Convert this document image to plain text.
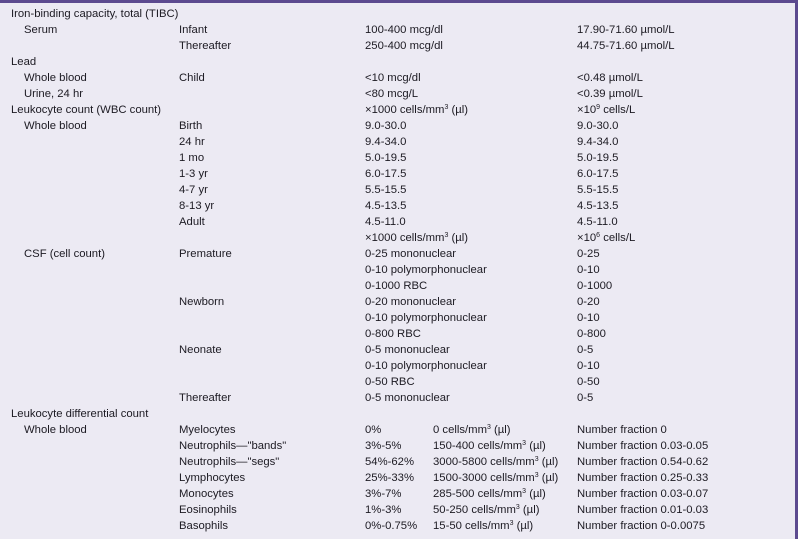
Iron-binding capacity, total (TIBC)
Serum	Infant	100-400 mcg/dl	17.90-71.60 µmol/L
Thereafter	250-400 mcg/dl	44.75-71.60 µmol/L
Lead
Whole blood	Child	<10 mcg/dl	<0.48 µmol/L
Urine, 24 hr	<80 mcg/L	<0.39 µmol/L
Leukocyte count (WBC count)	×1000 cells/$mm^3$ (µl)	$\times 10^9$ cells/L
Whole blood	Birth	9.0-30.0	9.0-30.0
24 hr	9.4-34.0	9.4-34.0
1 mo	5.0-19.5	5.0-19.5
1-3 yr	6.0-17.5	6.0-17.5
4-7 yr	5.5-15.5	5.5-15.5
8-13 yr	4.5-13.5	4.5-13.5
Adult	4.5-11.0	4.5-11.0
×1000 cells/$mm^3$ (µl)	$\times 10^6$ cells/L
CSF (cell count)	Premature	0-25 mononuclear	0-25
0-10 polymorphonuclear	0-10
0-1000 RBC	0-1000
Newborn	0-20 mononuclear	0-20
0-10 polymorphonuclear	0-10
0-800 RBC	0-800
Neonate	0-5 mononuclear	0-5
0-10 polymorphonuclear	0-10
0-50 RBC	0-50
Thereafter	0-5 mononuclear	0-5
Leukocyte differential count
Whole blood	Myelocytes	0%	0 cells/$mm^3$ (µl)	Number fraction 0
Neutrophils—"bands"	3%-5%	150-400 cells/$mm^3$ (µl)	Number fraction 0.03-0.05
Neutrophils—"segs"	54%-62% 3000-5800 cells/$mm^3$ (µl) Number fraction 0.54-0.62
Lymphocytes	25%-33% 1500-3000 cells/$mm^3$ (µl) Number fraction 0.25-0.33
Monocytes	3%-7%	285-500 cells/$mm^3$ (µl)	Number fraction 0.03-0.07
Eosinophils	1%-3%	50-250 cells/$mm^3$ (µl)	Number fraction 0.01-0.03
Basophils	0%-0.75% 15-50 cells/$mm^3$ (µl)	Number fraction 0-0.0075
